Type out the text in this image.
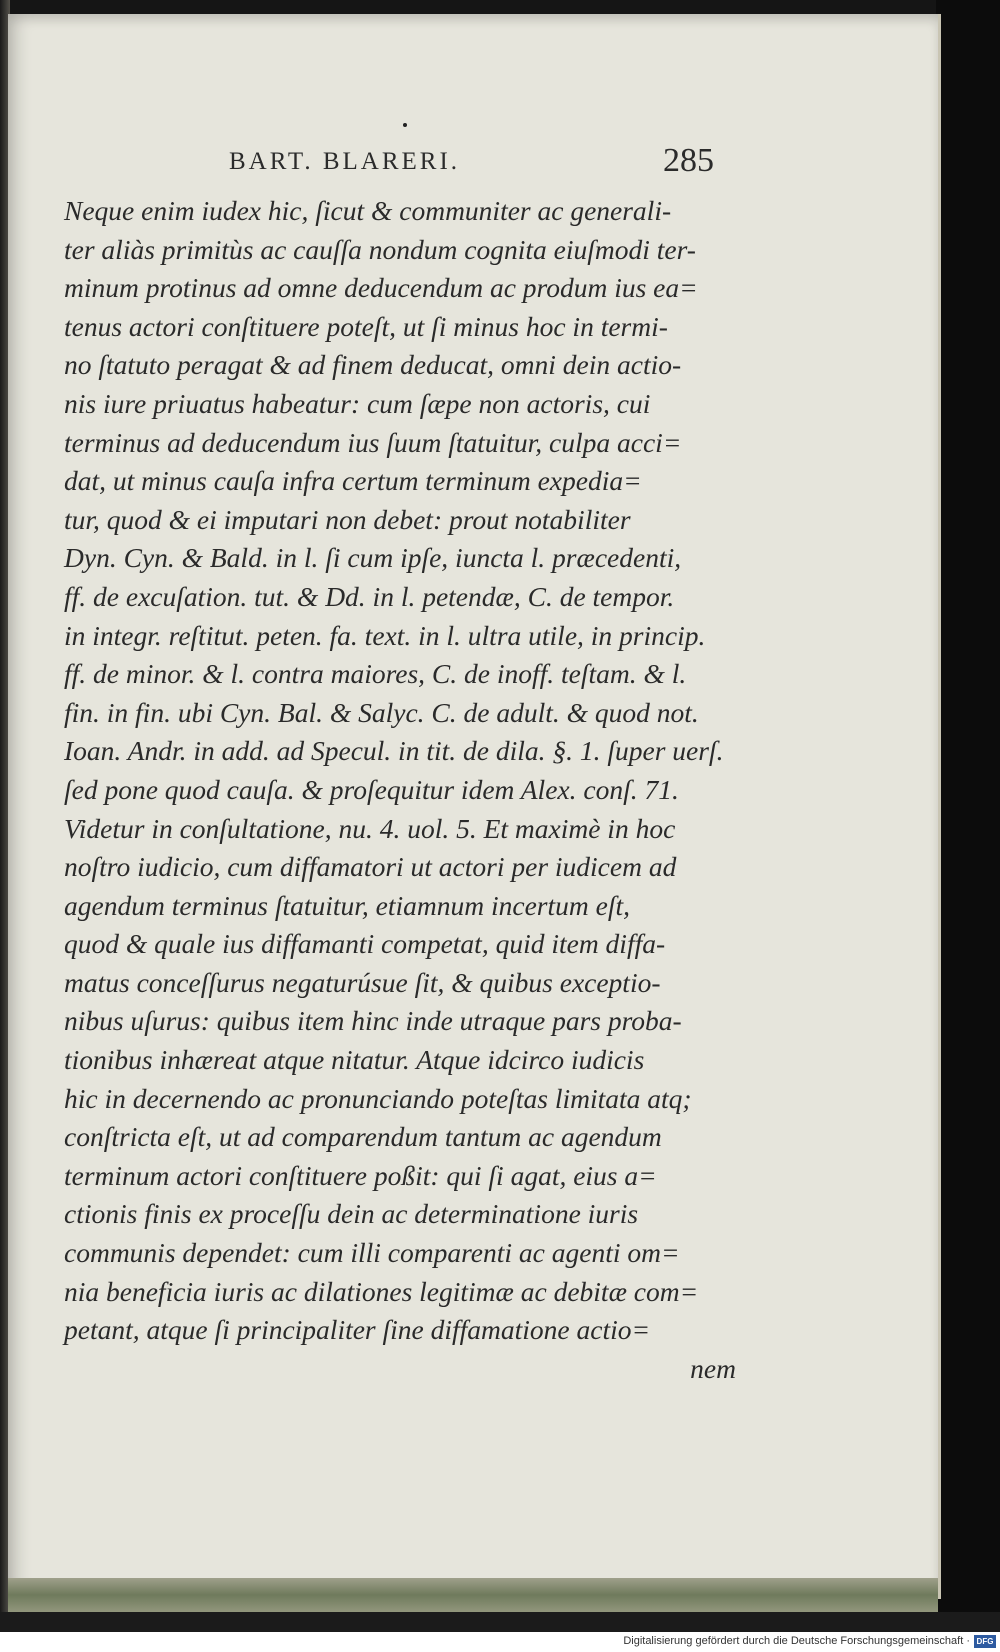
BART. BLARERI.	285
Neque enim iudex hic, ſicut & communiter ac generali-
ter aliàs primitùs ac cauſſa nondum cognita eiuſmodi ter-
minum protinus ad omne deducendum ac produm ius ea=
tenus actori conſtituere poteſt, ut ſi minus hoc in termi-
no ſtatuto peragat & ad finem deducat, omni dein actio-
nis iure priuatus habeatur: cum ſæpe non actoris, cui
terminus ad deducendum ius ſuum ſtatuitur, culpa acci=
dat, ut minus cauſa infra certum terminum expedia=
tur, quod & ei imputari non debet: prout notabiliter
Dyn. Cyn. & Bald. in l. ſi cum ipſe, iuncta l. præcedenti,
ff. de excuſation. tut. & Dd. in l. petendæ, C. de tempor.
in integr. reſtitut. peten. fa. text. in l. ultra utile, in princip.
ff. de minor. & l. contra maiores, C. de inoff. teſtam. & l.
fin. in fin. ubi Cyn. Bal. & Salyc. C. de adult. & quod not.
Ioan. Andr. in add. ad Specul. in tit. de dila. §. 1. ſuper uerſ.
ſed pone quod cauſa. & proſequitur idem Alex. conſ. 71.
Videtur in conſultatione, nu. 4. uol. 5. Et maximè in hoc
noſtro iudicio, cum diffamatori ut actori per iudicem ad
agendum terminus ſtatuitur, etiamnum incertum eſt,
quod & quale ius diffamanti competat, quid item diffa-
matus conceſſurus negaturúsue ſit, & quibus exceptio-
nibus uſurus: quibus item hinc inde utraque pars proba-
tionibus inhæreat atque nitatur. Atque idcirco iudicis
hic in decernendo ac pronunciando poteſtas limitata atq;
conſtricta eſt, ut ad comparendum tantum ac agendum
terminum actori conſtituere poßit: qui ſi agat, eius a=
ctionis finis ex proceſſu dein ac determinatione iuris
communis dependet: cum illi comparenti ac agenti om=
nia beneficia iuris ac dilationes legitimæ ac debitæ com=
petant, atque ſi principaliter ſine diffamatione actio=
nem
Digitalisierung gefördert durch die Deutsche Forschungsgemeinschaft · DFG
